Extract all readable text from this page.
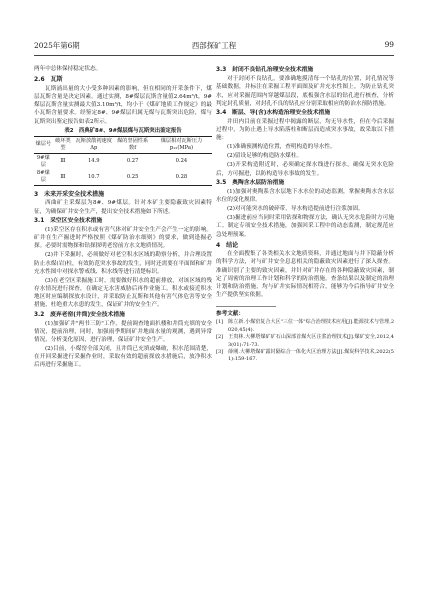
2025年第6期	西部探矿工程	99

两年中总体保持稳定状态。

2.6　瓦斯

瓦斯涌出量的大小受多种因素的影响，但在相同的开采条件下，煤层瓦斯含量是决定因素。通过实测，8#煤层瓦斯含量值2.64m³/t，9#煤层瓦斯含量实测最大值3.10m³/t，均小于《煤矿地质工作规定》的最小瓦斯含量要求。经鉴定8#、9#煤层归属无煤与瓦斯突出危险，煤与瓦斯突出鉴定报告如表2所示。

表2　西典矿8#、9#煤层煤与瓦斯突出鉴定报告
煤层号	破坏类型	瓦斯放散初速度Δp	煤的坚固性系数f	煤层相对瓦斯压力p₁₂(MPa)
9#煤层	Ⅲ	14.9	0.27	0.24
8#煤层	Ⅲ	10.7	0.25	0.28
3　未来开采安全技术措施

西曲矿主采煤层为8#、9#煤层。针对本矿主要隐蔽致灾因素特征，为确保矿井安全生产，提出安全技术措施如下所述。

3.1　采空区安全技术措施

(1)采空区存在积水或有害气体对矿井安全生产会产生一定的影响。矿井在生产掘进时严格按照《煤矿防治水细则》的要求，做到逢掘必探。必要时需物探和钻探探明老窑前方水文地质情况。

(2)井下采掘时，必须做好对老空积水区域的勘察分析，并合理设置防止水煤(岩)柱，有效防范突水事故的发生，同时还需要在平面图和矿井充水性图中对探水警戒线、积水线等进行清楚标识。

(3)在老空区采掘施工时，需要做好积水的超前排放，对该区域的残存水情况进行探查，在确定无水害威胁后再作业施工。积水或接近积水地区时应编制探放水设计，并采取防止瓦斯和其他有害气体危害等安全措施，杜绝重大水患的发生，保证矿井的安全生产。

3.2　废弃老窑(井筒)安全技术措施

(1)加强矿井"两书三防"工作，提前调查地面扒楼和井筒充填的安全情况，提前治理，同时，加强雨季期间矿井地面水量的观测，遇到异常情况，分析变化原因，进行治理，保证矿井安全生产。

(2)目前，小煤窑全部关闭，且井筒已充填或爆破，积水范围清楚，在开回采掘进行采掘作业时，采取有效的超前探放水措施后，放净积水后再进行采掘施工。

3.3　封闭不良钻孔治理安全技术措施

对于封闭不良钻孔，要准确地摸清每一个钻孔的位置，封孔情况等基础数据，并标注在采掘工程平面图及矿井充水性图上。为防止钻孔突水，应对采掘范围内穿越煤层段，底板强含水层的钻孔进行核查，分析判定封孔质量，对封孔不良的钻孔应分别采取相应的防治水预防措施。

3.4　断层、导(含)水构造治理安全技术措施

井田内目前在采掘过程中揭露的断层，均无导水性，但在今后采掘过程中，为防止遇上导水陷落柱和断层而造成突水事故，故采取以下措施：

(1)准确预测构造位置，查明构造的导水性。

(2)留设足够的构造防水煤柱。

(3)开采构造附近时，必须确定探水线进行探水，确保无突水危险后，方可掘进，以防构造导水事故的发生。

3.5　奥陶含水层防治措施

(1)加强对奥陶系含水层地下水水位的动态监测，掌握奥陶水含水层水位的变化规律。

(2)对可能突水的破碎带，导水构造提前进行注浆加固。

(3)掘进前应当同时采用钻探和物探方法，确认无突水危险时方可施工。制定专项安全技术措施，加强回采工程中的动态监测，制定规范应急处理预案。

4　结论

在全面搜集了各类相关水文地质资料，并通过地面与井下隐蔽分析的科学方法，对与矿井安全息息相关的隐蔽致灾因素进行了深入探查。准确识别了主要的致灾因素，并针对矿井存在的各种隐蔽致灾因素，制定了周密的治理工作计划和科学的防治措施。查条结果以及制定的治理计划和防治措施，均与矿井实际情况相符合，能够为今后指导矿井安全生产提供坚实依据。

参考文献：
[1]　陈立新.小煤窑复合大区"三位一体"综合治理技术应用[J].能源技术与管理,2020,45(4).
[2]　王贵林.大柳塔煤矿矿石山深部首煤火区注浆治理技术[J].煤矿安全,2012,43(01):71-73.
[3]　薛刚.大柳塔煤矿露封隔综合一体化火区治理方法[J].煤炭科学技术,2022(51):159-167.
